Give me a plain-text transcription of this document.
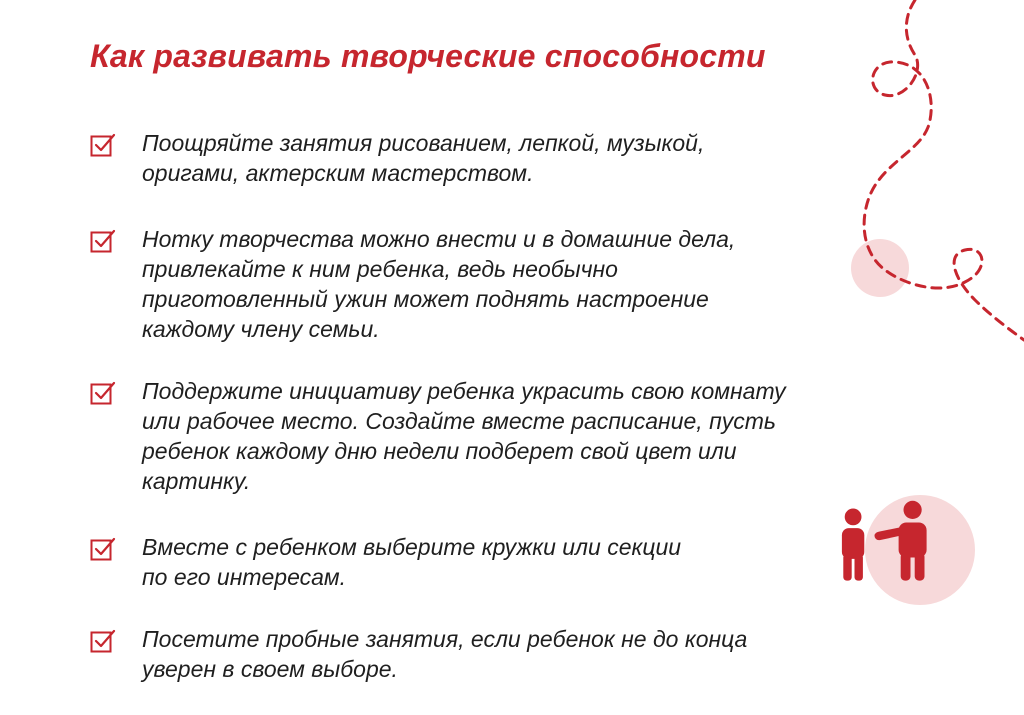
Как развивать творческие способности
Поощряйте занятия рисованием, лепкой, музыкой,
оригами, актерским мастерством.
Нотку творчества можно внести и в домашние дела,
привлекайте к ним ребенка, ведь необычно
приготовленный ужин может поднять настроение
каждому члену семьи.
Поддержите инициативу ребенка украсить свою комнату
или рабочее место. Создайте вместе расписание, пусть
ребенок каждому дню недели подберет свой цвет или
картинку.
Вместе с ребенком выберите кружки или секции
по его интересам.
Посетите пробные занятия, если ребенок не до конца
уверен в своем выборе.
